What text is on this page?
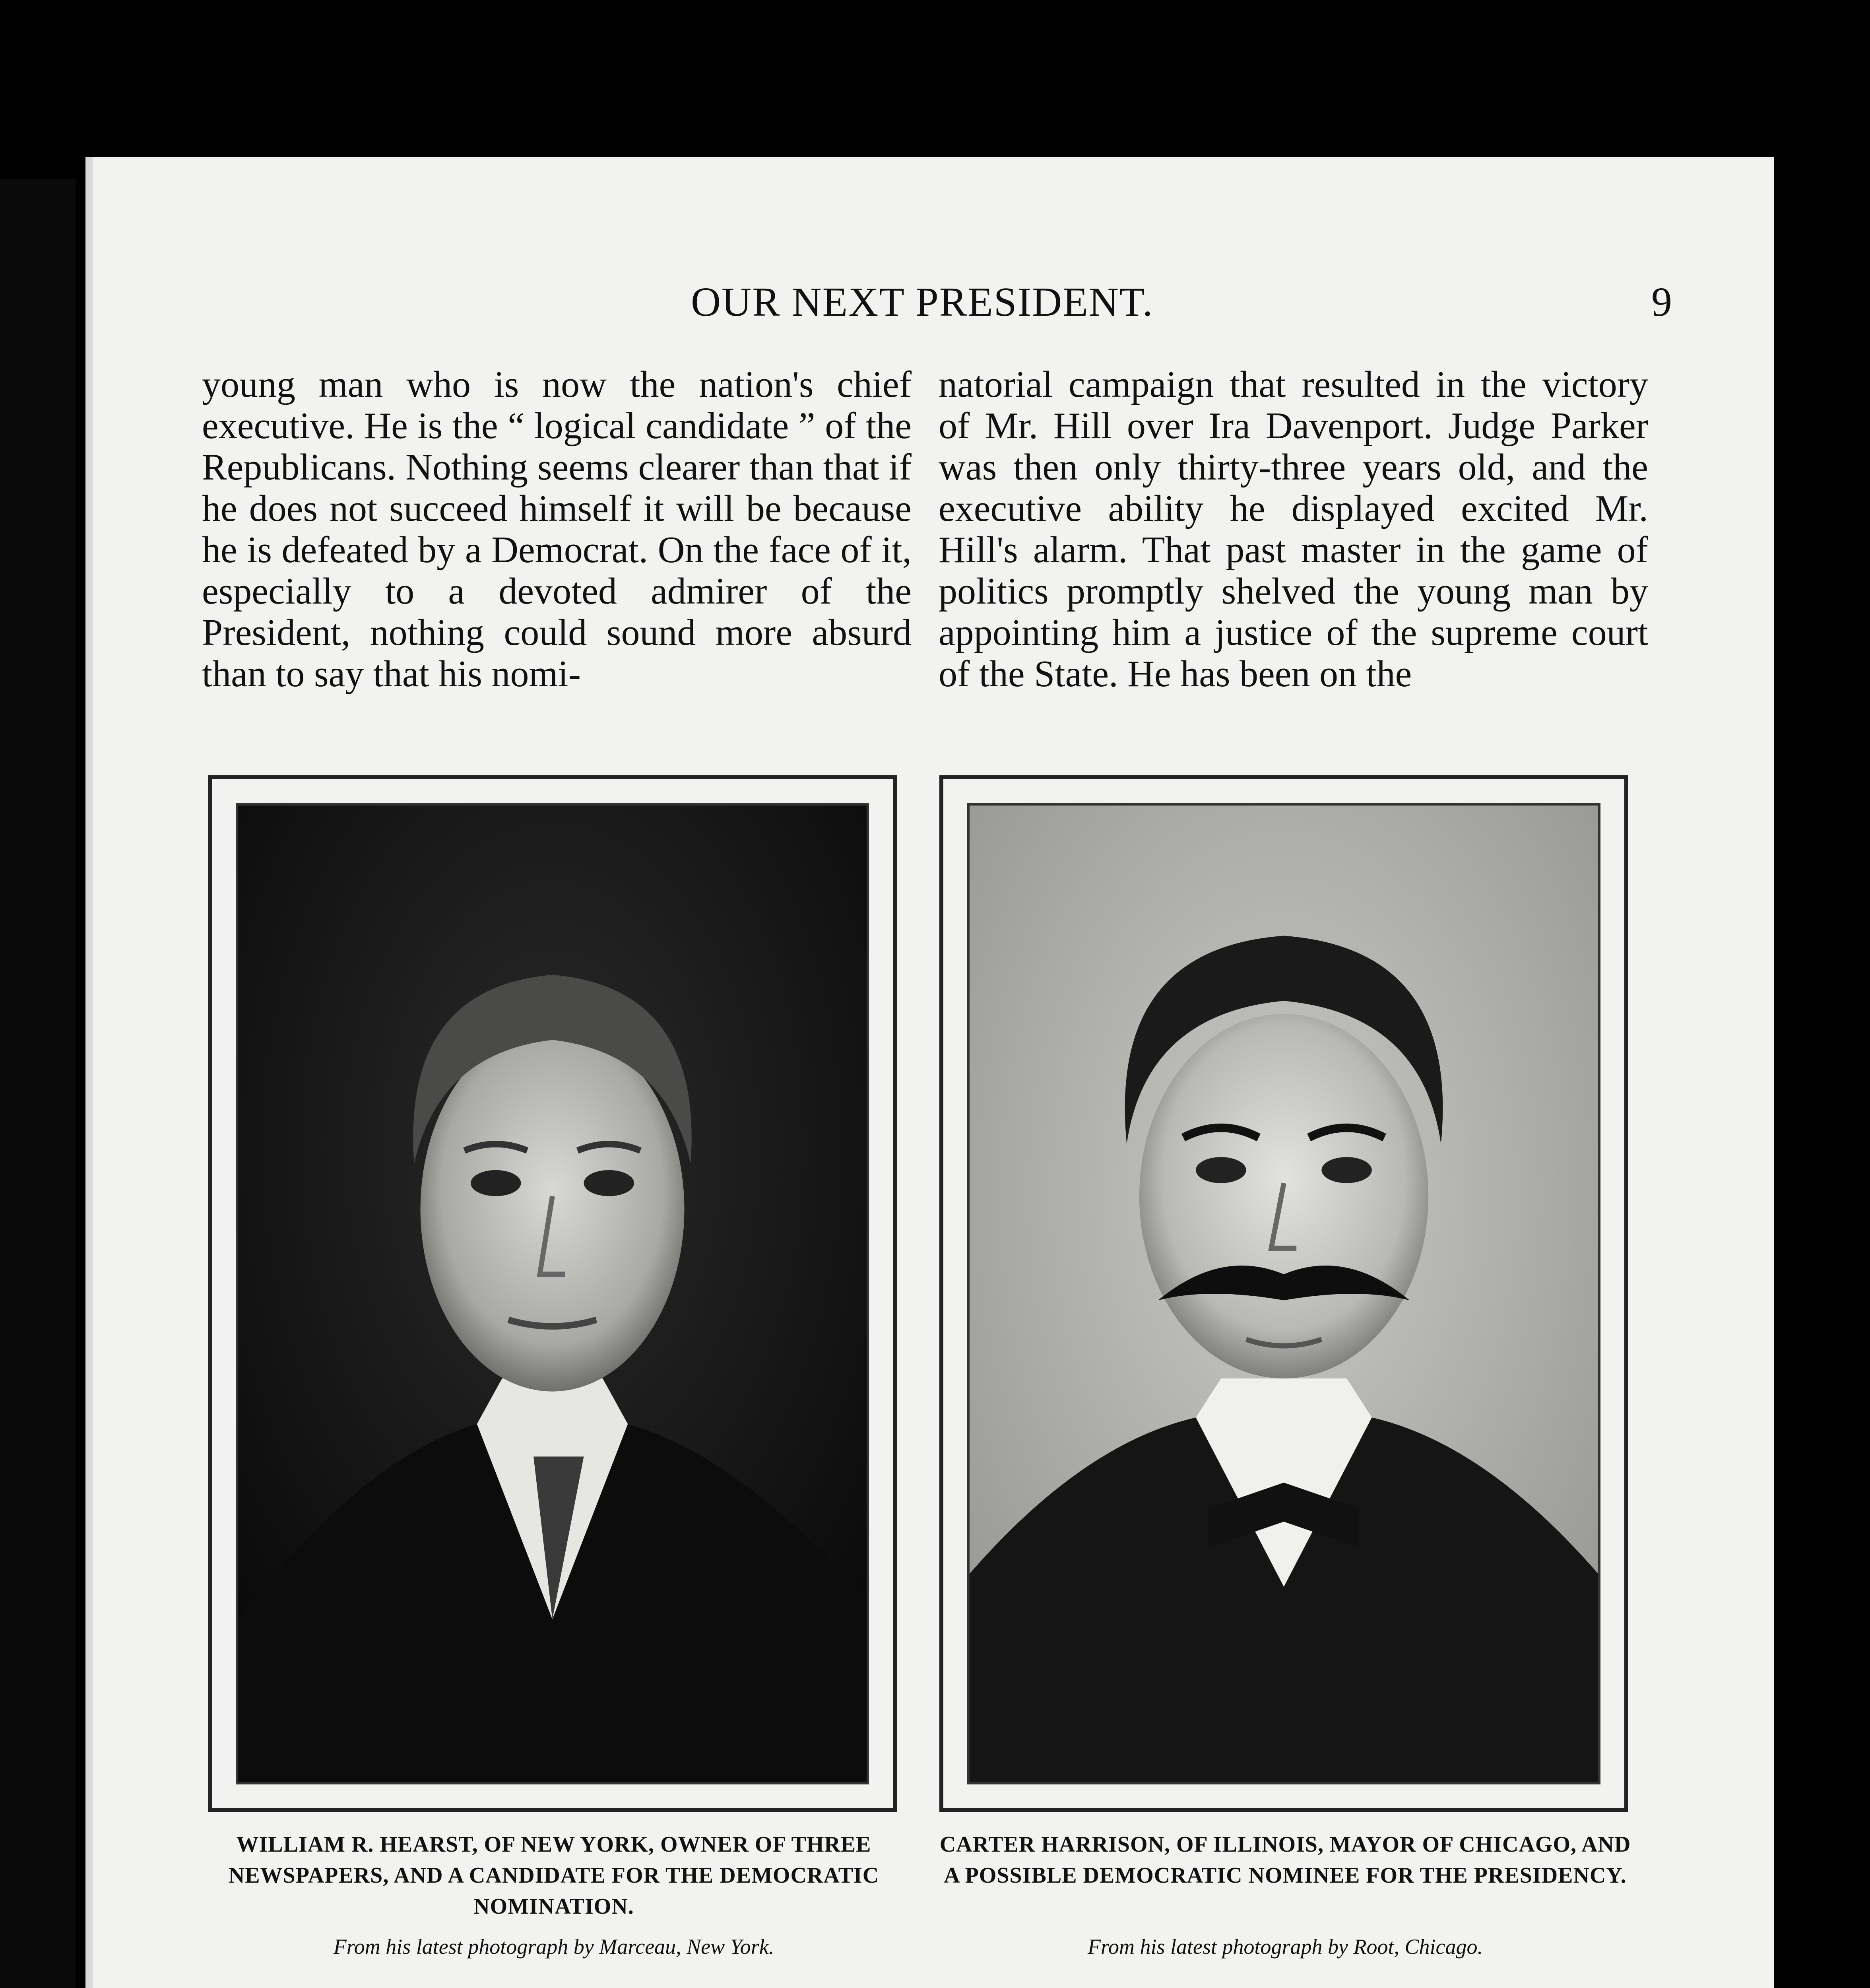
OUR NEXT PRESIDENT.	9

young man who is now the nation's chief executive. He is the “ logical candidate ” of the Republicans. Nothing seems clearer than that if he does not succeed himself it will be because he is defeated by a Democrat. On the face of it, especially to a devoted admirer of the President, nothing could sound more absurd than to say that his nomi-

natorial campaign that resulted in the victory of Mr. Hill over Ira Davenport. Judge Parker was then only thirty-three years old, and the executive ability he displayed excited Mr. Hill's alarm. That past master in the game of politics promptly shelved the young man by appointing him a justice of the supreme court of the State. He has been on the

WILLIAM R. HEARST, OF NEW YORK, OWNER OF THREE NEWSPAPERS, AND A CANDIDATE FOR THE DEMOCRATIC NOMINATION.
From his latest photograph by Marceau, New York.
CARTER HARRISON, OF ILLINOIS, MAYOR OF CHICAGO, AND A POSSIBLE DEMOCRATIC NOMINEE FOR THE PRESIDENCY.
From his latest photograph by Root, Chicago.
